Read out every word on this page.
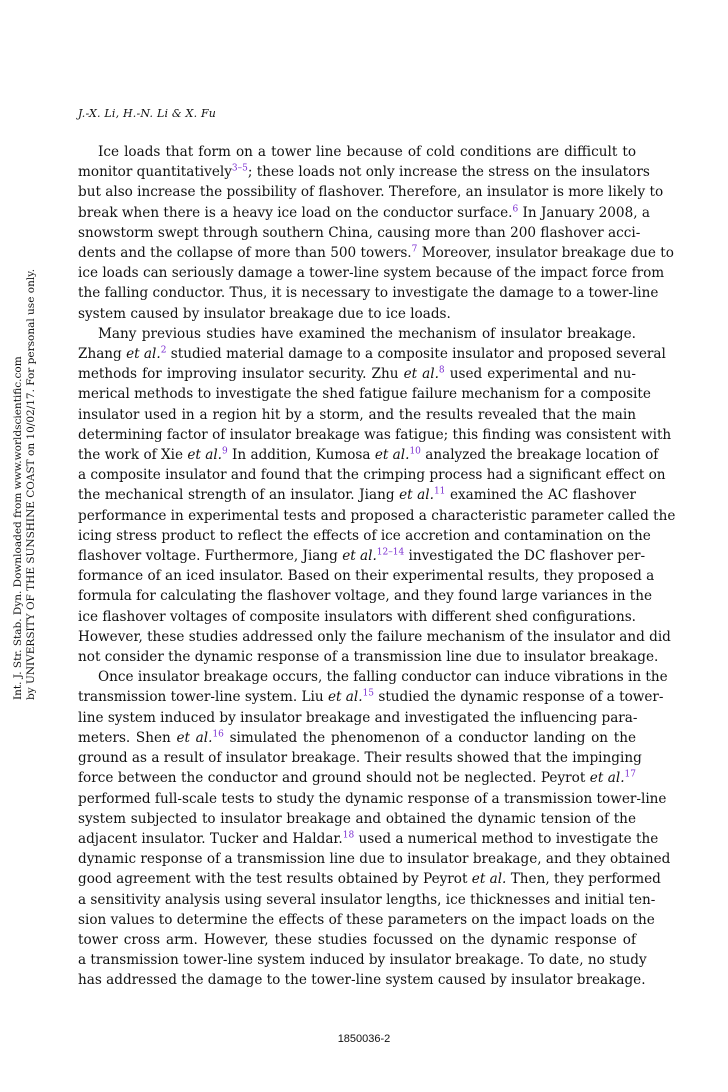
J.-X. Li, H.-N. Li & X. Fu
Int. J. Str. Stab. Dyn. Downloaded from www.worldscientific.com by UNIVERSITY OF THE SUNSHINE COAST on 10/02/17. For personal use only.
Ice loads that form on a tower line because of cold conditions are difficult to
monitor quantitatively$^{3-5}$; these loads not only increase the stress on the insulators
but also increase the possibility of flashover. Therefore, an insulator is more likely to
break when there is a heavy ice load on the conductor surface.$^6$ In January 2008, a
snowstorm swept through southern China, causing more than 200 flashover acci-
dents and the collapse of more than 500 towers.$^7$ Moreover, insulator breakage due to
ice loads can seriously damage a tower-line system because of the impact force from
the falling conductor. Thus, it is necessary to investigate the damage to a tower-line
system caused by insulator breakage due to ice loads.
Many previous studies have examined the mechanism of insulator breakage.
Zhang et al.$^2$ studied material damage to a composite insulator and proposed several
methods for improving insulator security. Zhu et al.$^8$ used experimental and nu-
merical methods to investigate the shed fatigue failure mechanism for a composite
insulator used in a region hit by a storm, and the results revealed that the main
determining factor of insulator breakage was fatigue; this finding was consistent with
the work of Xie et al.$^9$ In addition, Kumosa et al.$^{10}$ analyzed the breakage location of
a composite insulator and found that the crimping process had a significant effect on
the mechanical strength of an insulator. Jiang et al.$^{11}$ examined the AC flashover
performance in experimental tests and proposed a characteristic parameter called the
icing stress product to reflect the effects of ice accretion and contamination on the
flashover voltage. Furthermore, Jiang et al.$^{12-14}$ investigated the DC flashover per-
formance of an iced insulator. Based on their experimental results, they proposed a
formula for calculating the flashover voltage, and they found large variances in the
ice flashover voltages of composite insulators with different shed configurations.
However, these studies addressed only the failure mechanism of the insulator and did
not consider the dynamic response of a transmission line due to insulator breakage.
Once insulator breakage occurs, the falling conductor can induce vibrations in the
transmission tower-line system. Liu et al.$^{15}$ studied the dynamic response of a tower-
line system induced by insulator breakage and investigated the influencing para-
meters. Shen et al.$^{16}$ simulated the phenomenon of a conductor landing on the
ground as a result of insulator breakage. Their results showed that the impinging
force between the conductor and ground should not be neglected. Peyrot et al.$^{17}$
performed full-scale tests to study the dynamic response of a transmission tower-line
system subjected to insulator breakage and obtained the dynamic tension of the
adjacent insulator. Tucker and Haldar.$^{18}$ used a numerical method to investigate the
dynamic response of a transmission line due to insulator breakage, and they obtained
good agreement with the test results obtained by Peyrot et al. Then, they performed
a sensitivity analysis using several insulator lengths, ice thicknesses and initial ten-
sion values to determine the effects of these parameters on the impact loads on the
tower cross arm. However, these studies focussed on the dynamic response of
a transmission tower-line system induced by insulator breakage. To date, no study
has addressed the damage to the tower-line system caused by insulator breakage.
1850036-2
